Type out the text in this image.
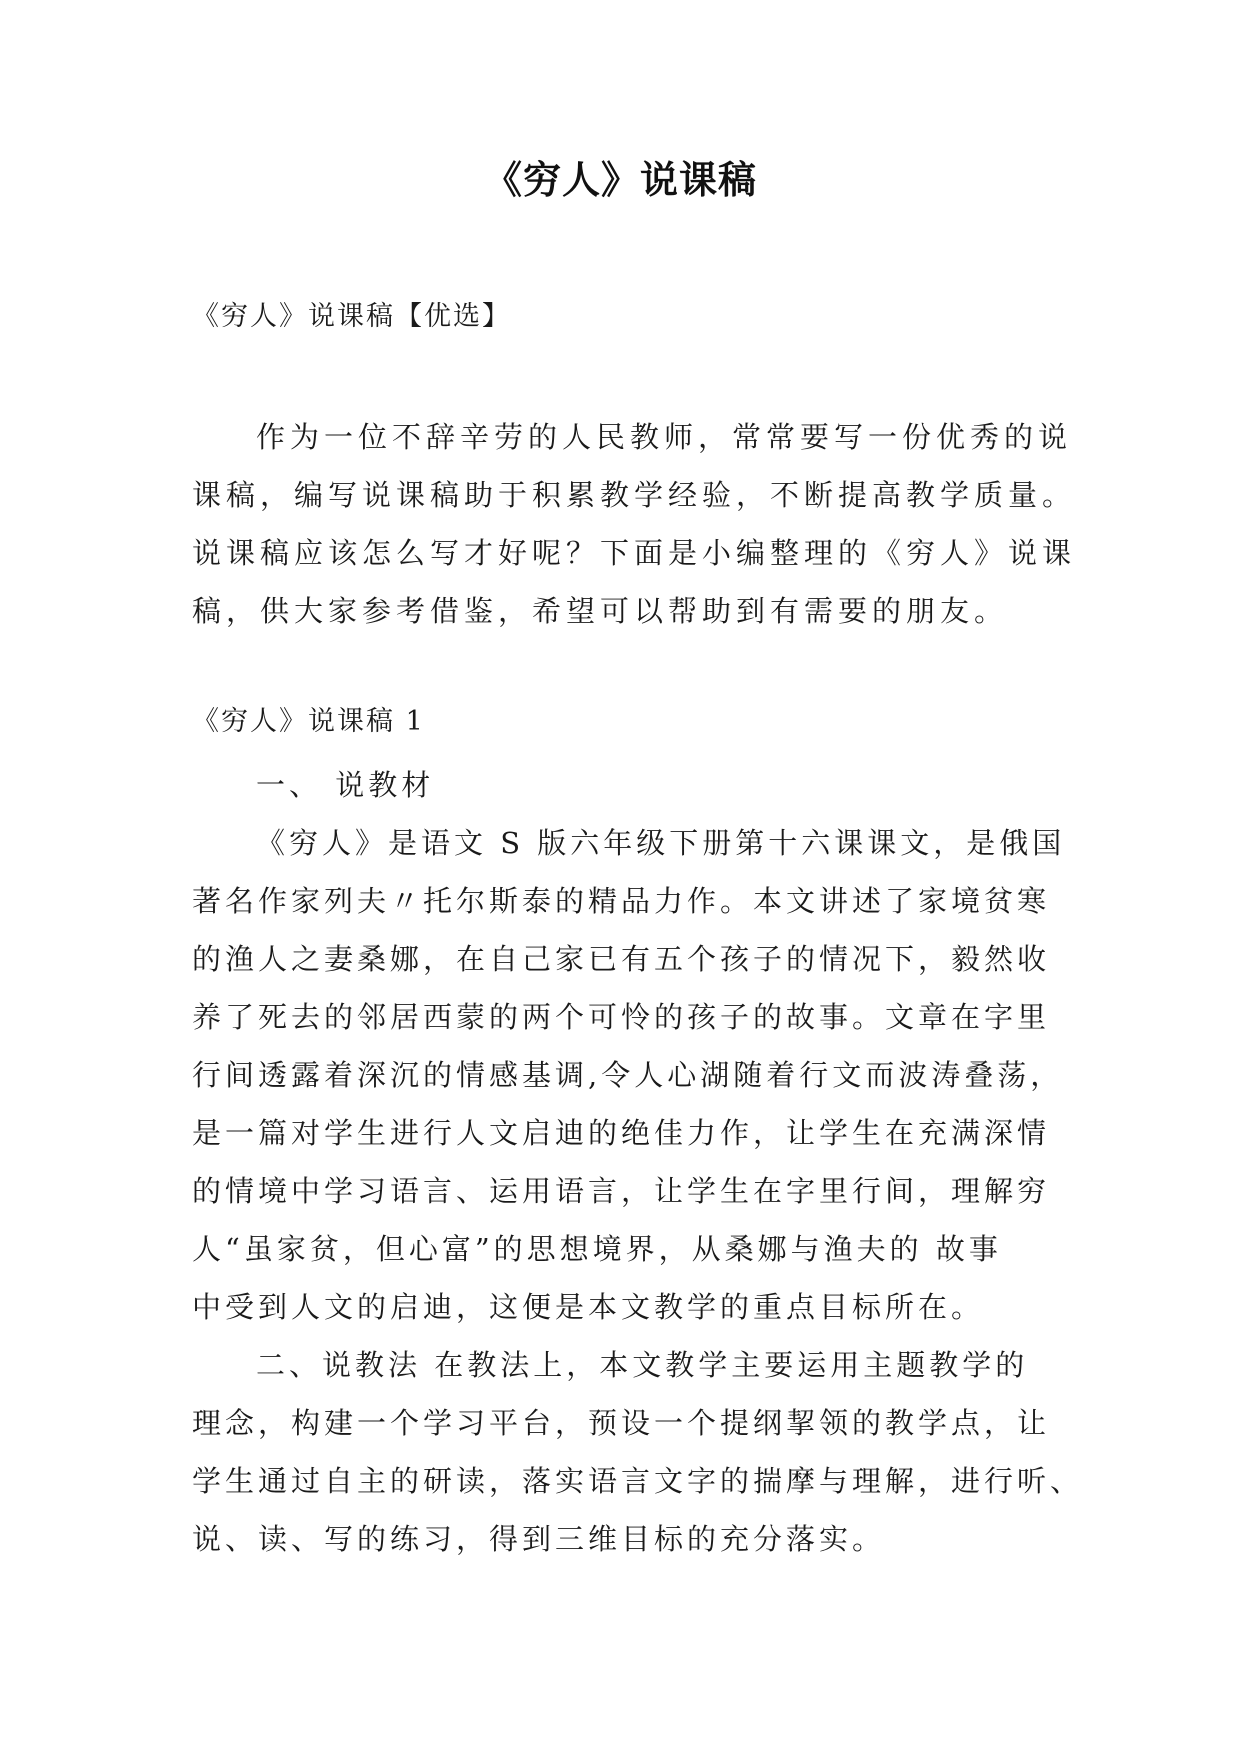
《穷人》说课稿
《穷人》说课稿【优选】
作为一位不辞辛劳的人民教师，常常要写一份优秀的说
课稿，编写说课稿助于积累教学经验，不断提高教学质量。
说课稿应该怎么写才好呢？下面是小编整理的《穷人》说课
稿，供大家参考借鉴，希望可以帮助到有需要的朋友。
《穷人》说课稿 1
一、 说教材
《穷人》是语文 S 版六年级下册第十六课课文，是俄国
著名作家列夫〃托尔斯泰的精品力作。本文讲述了家境贫寒
的渔人之妻桑娜，在自己家已有五个孩子的情况下，毅然收
养了死去的邻居西蒙的两个可怜的孩子的故事。文章在字里
行间透露着深沉的情感基调,令人心湖随着行文而波涛叠荡，
是一篇对学生进行人文启迪的绝佳力作，让学生在充满深情
的情境中学习语言、运用语言，让学生在字里行间，理解穷
人“虽家贫，但心富”的思想境界，从桑娜与渔夫的 故事
中受到人文的启迪，这便是本文教学的重点目标所在。
二、说教法 在教法上，本文教学主要运用主题教学的
理念，构建一个学习平台，预设一个提纲挈领的教学点，让
学生通过自主的研读，落实语言文字的揣摩与理解，进行听、
说、读、写的练习，得到三维目标的充分落实。
